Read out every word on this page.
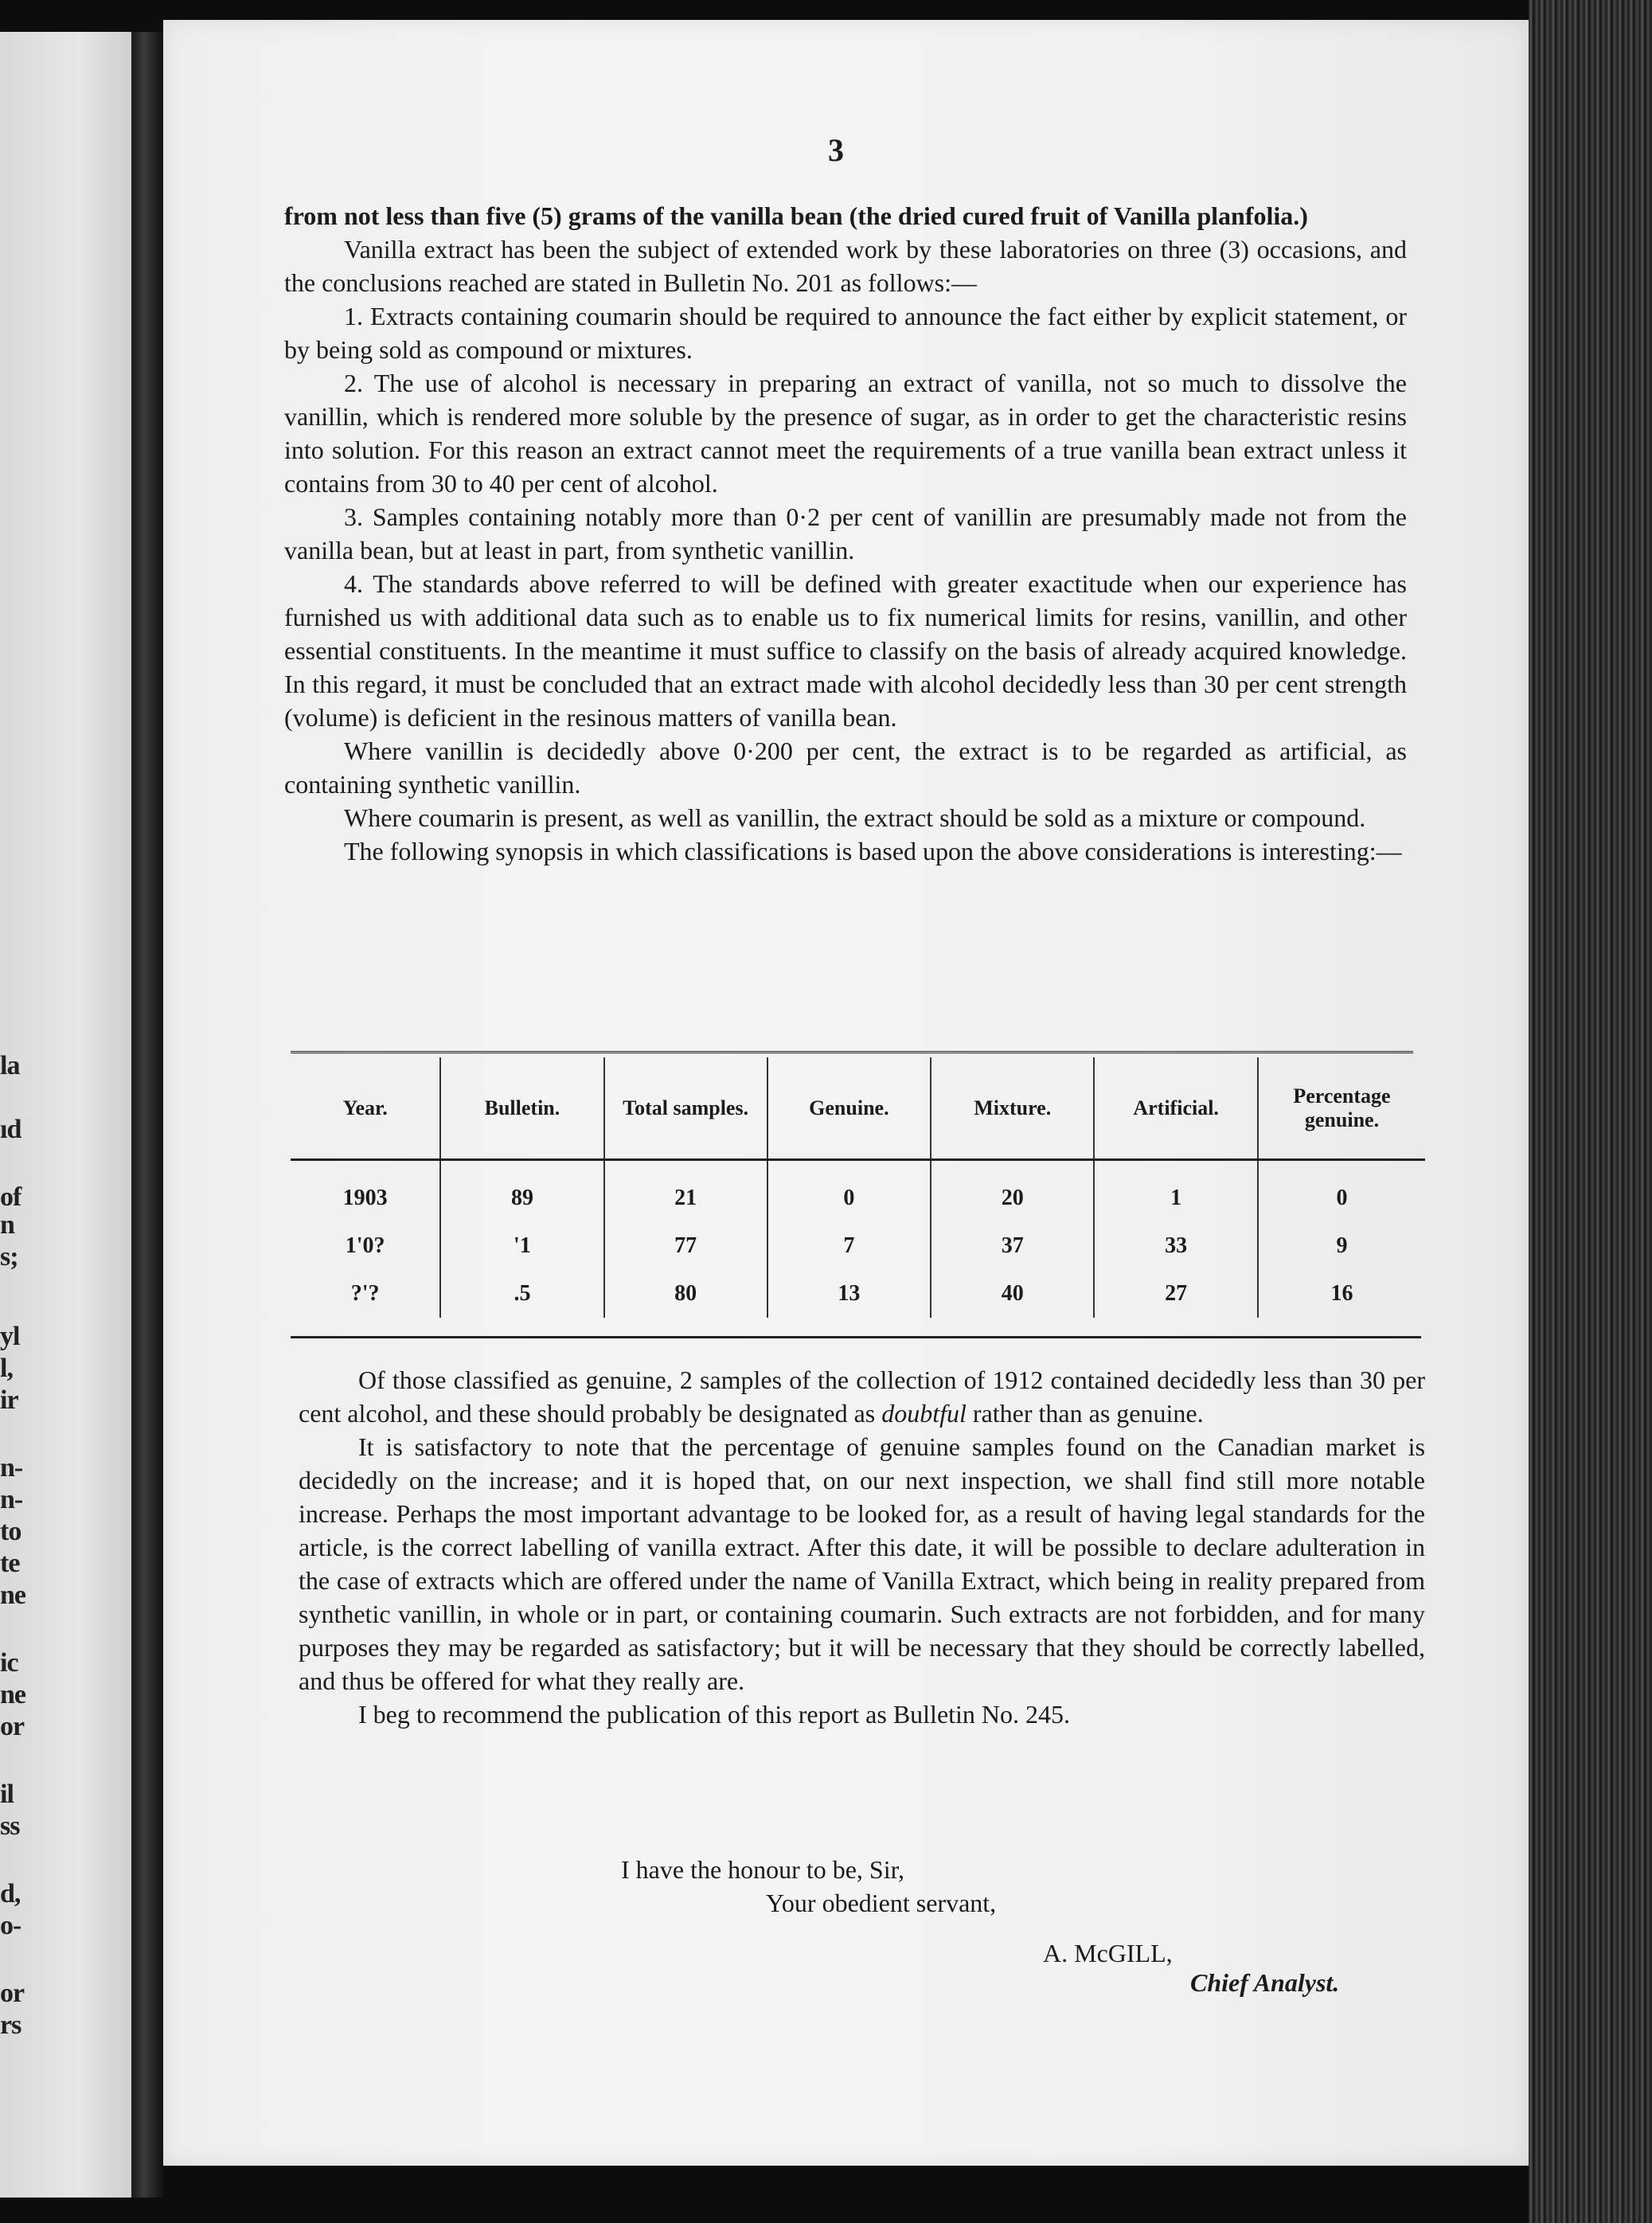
la
ıd
of
n
s;
yl
l,
ir
n-
n-
to
te
ne
ic
ne
or
il
ss
d,
o-
or
rs
3

from not less than five (5) grams of the vanilla bean (the dried cured fruit of Vanilla planfolia.)

Vanilla extract has been the subject of extended work by these laboratories on three (3) occasions, and the conclusions reached are stated in Bulletin No. 201 as follows:—

1. Extracts containing coumarin should be required to announce the fact either by explicit statement, or by being sold as compound or mixtures.

2. The use of alcohol is necessary in preparing an extract of vanilla, not so much to dissolve the vanillin, which is rendered more soluble by the presence of sugar, as in order to get the characteristic resins into solution. For this reason an extract cannot meet the requirements of a true vanilla bean extract unless it contains from 30 to 40 per cent of alcohol.

3. Samples containing notably more than 0·2 per cent of vanillin are presumably made not from the vanilla bean, but at least in part, from synthetic vanillin.

4. The standards above referred to will be defined with greater exactitude when our experience has furnished us with additional data such as to enable us to fix numerical limits for resins, vanillin, and other essential constituents. In the meantime it must suffice to classify on the basis of already acquired knowledge. In this regard, it must be concluded that an extract made with alcohol decidedly less than 30 per cent strength (volume) is deficient in the resinous matters of vanilla bean.

Where vanillin is decidedly above 0·200 per cent, the extract is to be regarded as artificial, as containing synthetic vanillin.

Where coumarin is present, as well as vanillin, the extract should be sold as a mixture or compound.

The following synopsis in which classifications is based upon the above considerations is interesting:—

Year.	Bulletin.	Total samples.	Genuine.	Mixture.	Artificial.	Percentage genuine.
1903	89	21	0	20	1	0
1'0?	'1	77	7	37	33	9
?'?	.5	80	13	40	27	16

Of those classified as genuine, 2 samples of the collection of 1912 contained decidedly less than 30 per cent alcohol, and these should probably be designated as doubtful rather than as genuine.

It is satisfactory to note that the percentage of genuine samples found on the Canadian market is decidedly on the increase; and it is hoped that, on our next inspection, we shall find still more notable increase. Perhaps the most important advantage to be looked for, as a result of having legal standards for the article, is the correct labelling of vanilla extract. After this date, it will be possible to declare adulteration in the case of extracts which are offered under the name of Vanilla Extract, which being in reality prepared from synthetic vanillin, in whole or in part, or containing coumarin. Such extracts are not forbidden, and for many purposes they may be regarded as satisfactory; but it will be necessary that they should be correctly labelled, and thus be offered for what they really are.

I beg to recommend the publication of this report as Bulletin No. 245.

I have the honour to be, Sir,
Your obedient servant,
A. McGILL,
Chief Analyst.
